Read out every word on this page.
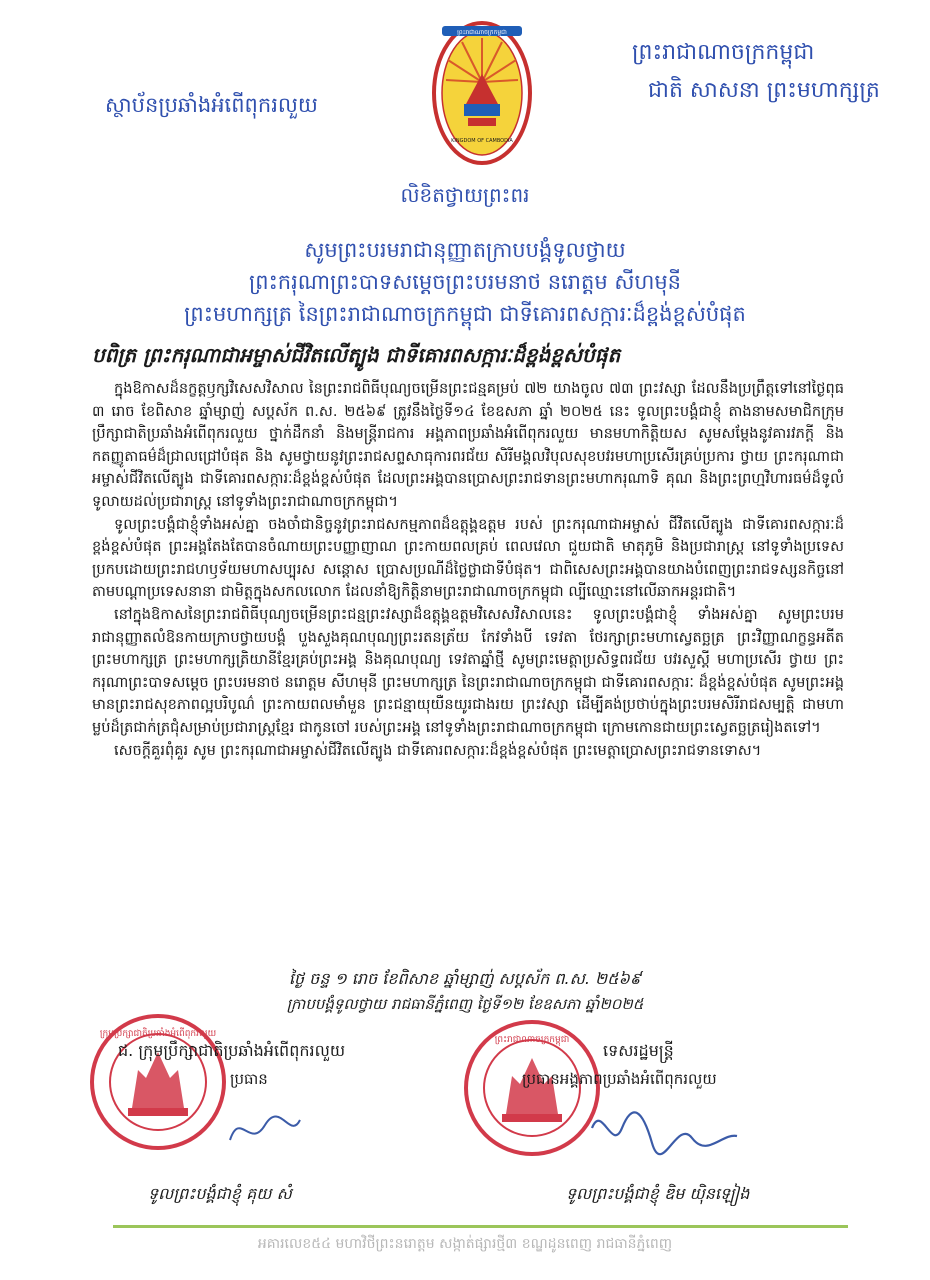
ស្ថាប័នប្រឆាំងអំពើពុករលួយ
ព្រះរាជាណាចក្រកម្ពុជា
ជាតិ សាសនា ព្រះមហាក្សត្រ
ព្រះរាជាណាចក្រកម្ពុជា
KINGDOM OF CAMBODIA
លិខិតថ្វាយព្រះពរ
សូមព្រះបរមរាជានុញ្ញាតក្រាបបង្គំទូលថ្វាយ
ព្រះករុណាព្រះបាទសម្តេចព្រះបរមនាថ នរោត្តម សីហមុនី
ព្រះមហាក្សត្រ នៃព្រះរាជាណាចក្រកម្ពុជា ជាទីគោរពសក្ការៈដ៏ខ្ពង់ខ្ពស់បំផុត
បពិត្រ ព្រះករុណាជាអម្ចាស់ជីវិតលើត្បូង ជាទីគោរពសក្ការៈដ៏ខ្ពង់ខ្ពស់បំផុត

ក្នុងឱកាសដ៏នក្ខត្តឫក្សវិសេសវិសាល នៃព្រះរាជពិធីបុណ្យចម្រើនព្រះជន្មគម្រប់ ៧២ យាងចូល ៧៣ ព្រះវស្សា ដែលនឹងប្រព្រឹត្តទៅនៅថ្ងៃពុធ ៣ រោច ខែពិសាខ ឆ្នាំម្សាញ់ សប្តស័ក ព.ស. ២៥៦៩ ត្រូវនឹងថ្ងៃទី១៤ ខែឧសភា ឆ្នាំ ២០២៥ នេះ ទូលព្រះបង្គំជាខ្ញុំ តាងនាមសមាជិកក្រុមប្រឹក្សាជាតិប្រឆាំងអំពើពុករលួយ ថ្នាក់ដឹកនាំ និងមន្ត្រីរាជការ អង្គភាពប្រឆាំងអំពើពុករលួយ មានមហាកិត្តិយស សូមសម្តែងនូវគារវភក្តី និងកតញ្ញូតាធម៌ដ៏ជ្រាលជ្រៅបំផុត និង សូមថ្វាយនូវព្រះរាជសព្ទសាធុការពរជ័យ សិរីមង្គលវិបុលសុខបវរមហាប្រសើរគ្រប់ប្រការ ថ្វាយ ព្រះករុណាជា អម្ចាស់ជីវិតលើត្បូង ជាទីគោរពសក្ការៈដ៏ខ្ពង់ខ្ពស់បំផុត ដែលព្រះអង្គបានប្រោសព្រះរាជទានព្រះមហាករុណាទិ គុណ និងព្រះព្រហ្មវិហារធម៌ដ៏ទូលំទូលាយដល់ប្រជារាស្ត្រ នៅទូទាំងព្រះរាជាណាចក្រកម្ពុជា។

ទូលព្រះបង្គំជាខ្ញុំទាំងអស់គ្នា ចងចាំជានិច្ចនូវព្រះរាជសកម្មភាពដ៏ឧត្តុង្គឧត្តម របស់ ព្រះករុណាជាអម្ចាស់ ជីវិតលើត្បូង ជាទីគោរពសក្ការៈដ៏ខ្ពង់ខ្ពស់បំផុត ព្រះអង្គតែងតែបានចំណាយព្រះបញ្ញាញាណ ព្រះកាយពលគ្រប់ ពេលវេលា ជួយជាតិ មាតុភូមិ និងប្រជារាស្ត្រ នៅទូទាំងប្រទេសប្រកបដោយព្រះរាជហឫទ័យមហាសប្បុរស សន្តោស ប្រោសប្រណីដ៏ថ្លៃថ្លាជាទីបំផុត។ ជាពិសេសព្រះអង្គបានយាងបំពេញព្រះរាជទស្សនកិច្ចនៅតាមបណ្តាប្រទេសនានា ជាមិត្តក្នុងសកលលោក ដែលនាំឱ្យកិត្តិនាមព្រះរាជាណាចក្រកម្ពុជា ល្បីឈ្មោះនៅលើឆាកអន្តរជាតិ។

នៅក្នុងឱកាសនៃព្រះរាជពិធីបុណ្យចម្រើនព្រះជន្មព្រះវស្សាដ៏ឧត្តុង្គឧត្តមវិសេសវិសាលនេះ ទូលព្រះបង្គំជាខ្ញុំ ទាំងអស់គ្នា សូមព្រះបរមរាជានុញ្ញាតលំឱនកាយក្រាបថ្វាយបង្គំ បួងសួងគុណបុណ្យព្រះរតនត្រ័យ កែវទាំងបី ទេវតា ថែរក្សាព្រះមហាស្វេតច្ឆត្រ ព្រះវិញ្ញាណក្ខន្ធអតីតព្រះមហាក្សត្រ ព្រះមហាក្សត្រិយានីខ្មែរគ្រប់ព្រះអង្គ និងគុណបុណ្យ ទេវតាឆ្នាំថ្មី សូមព្រះមេត្តាប្រសិទ្ធពរជ័យ បវរសួស្តី មហាប្រសើរ ថ្វាយ ព្រះករុណាព្រះបាទសម្តេច ព្រះបរមនាថ នរោត្តម សីហមុនី ព្រះមហាក្សត្រ នៃព្រះរាជាណាចក្រកម្ពុជា ជាទីគោរពសក្ការៈ ដ៏ខ្ពង់ខ្ពស់បំផុត សូមព្រះអង្គមានព្រះរាជសុខភាពល្អបរិបូណ៌ ព្រះកាយពលមាំមួន ព្រះជន្មាយុយឺនយូរជាងរយ ព្រះវស្សា ដើម្បីគង់ប្រថាប់ក្នុងព្រះបរមសិរីរាជសម្បត្តិ ជាមហាម្លប់ដ៏ត្រជាក់ត្រជុំសម្រាប់ប្រជារាស្ត្រខ្មែរ ជាកូនចៅ របស់ព្រះអង្គ នៅទូទាំងព្រះរាជាណាចក្រកម្ពុជា ក្រោមកោនជាយព្រះស្វេតច្ឆត្ររៀងតទៅ។

សេចក្តីគួរពុំគួរ សូម ព្រះករុណាជាអម្ចាស់ជីវិតលើត្បូង ជាទីគោរពសក្ការៈដ៏ខ្ពង់ខ្ពស់បំផុត ព្រះមេត្តាប្រោសព្រះរាជទានទោស។

ថ្ងៃ ចន្ទ ១ រោច ខែពិសាខ ឆ្នាំម្សាញ់ សប្តស័ក ព.ស. ២៥៦៩
ក្រាបបង្គំទូលថ្វាយ រាជធានីភ្នំពេញ ថ្ងៃទី១២ ខែឧសភា ឆ្នាំ២០២៥
ក្រុមប្រឹក្សាជាតិប្រឆាំងអំពើពុករលួយ
ព្រះរាជាណាចក្រកម្ពុជា
ជ. ក្រុមប្រឹក្សាជាតិប្រឆាំងអំពើពុករលួយ
ប្រធាន
ទូលព្រះបង្គំជាខ្ញុំ គុយ សំ
ទេសរដ្ឋមន្ត្រី
ប្រធានអង្គភាពប្រឆាំងអំពើពុករលួយ
ទូលព្រះបង្គំជាខ្ញុំ ឌិម យ៉ិនឡៀង
អគារលេខ៥៤ មហាវិថីព្រះនរោត្តម សង្កាត់ផ្សារថ្មី៣ ខណ្ឌដូនពេញ រាជធានីភ្នំពេញ
